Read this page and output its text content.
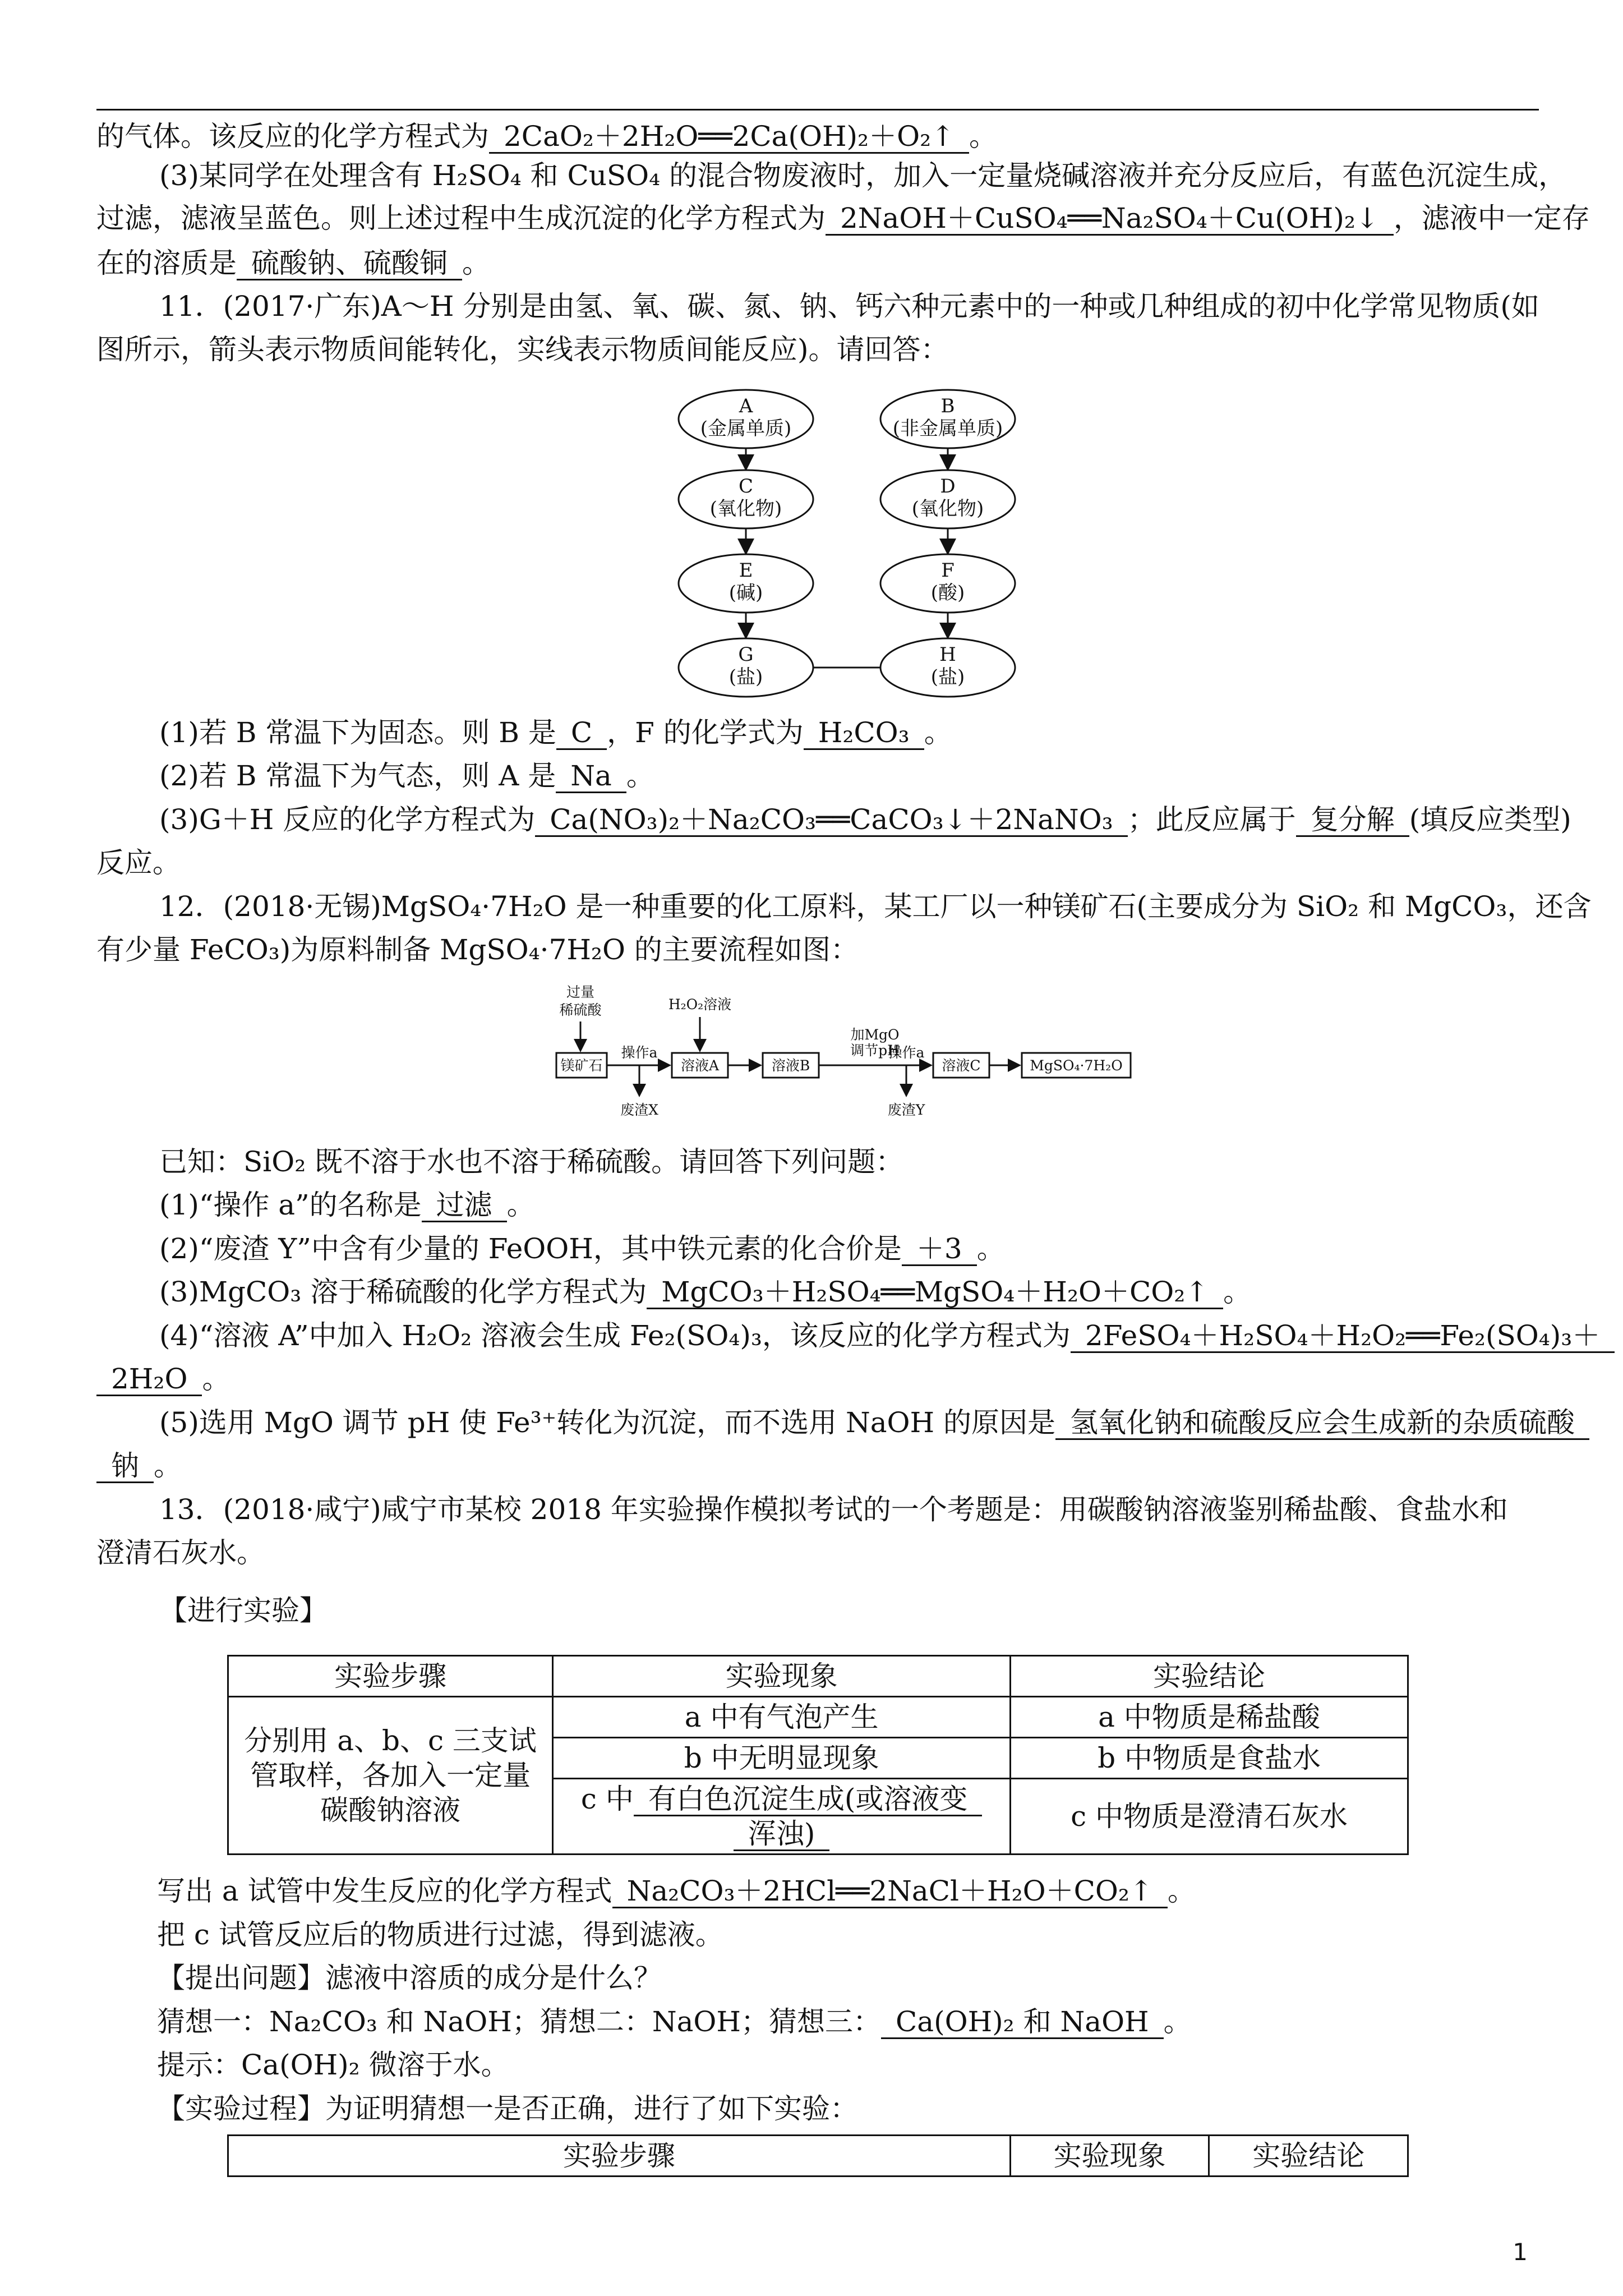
的气体。该反应的化学方程式为 2CaO₂＋2H₂O══2Ca(OH)₂＋O₂↑ 。
(3)某同学在处理含有 H₂SO₄ 和 CuSO₄ 的混合物废液时，加入一定量烧碱溶液并充分反应后，有蓝色沉淀生成，
过滤，滤液呈蓝色。则上述过程中生成沉淀的化学方程式为 2NaOH＋CuSO₄══Na₂SO₄＋Cu(OH)₂↓ ，滤液中一定存
在的溶质是 硫酸钠、硫酸铜 。
11．(2017·广东)A～H 分别是由氢、氧、碳、氮、钠、钙六种元素中的一种或几种组成的初中化学常见物质(如
图所示，箭头表示物质间能转化，实线表示物质间能反应)。请回答：
A
(金属单质)
B
(非金属单质)
C
(氧化物)
D
(氧化物)
E
(碱)
F
(酸)
G
(盐)
H
(盐)
(1)若 B 常温下为固态。则 B 是 C ，F 的化学式为 H₂CO₃ 。
(2)若 B 常温下为气态，则 A 是 Na 。
(3)G＋H 反应的化学方程式为 Ca(NO₃)₂＋Na₂CO₃══CaCO₃↓＋2NaNO₃ ；此反应属于 复分解 (填反应类型)
反应。
12．(2018·无锡)MgSO₄·7H₂O 是一种重要的化工原料，某工厂以一种镁矿石(主要成分为 SiO₂ 和 MgCO₃，还含
有少量 FeCO₃)为原料制备 MgSO₄·7H₂O 的主要流程如图：
过量
稀硫酸	H₂O₂溶液
加MgO
调节pH
镁矿石
操作a
溶液A	溶液B
操作a
溶液C	MgSO₄·7H₂O
废渣X	废渣Y
已知：SiO₂ 既不溶于水也不溶于稀硫酸。请回答下列问题：
(1)“操作 a”的名称是 过滤 。
(2)“废渣 Y”中含有少量的 FeOOH，其中铁元素的化合价是 ＋3 。
(3)MgCO₃ 溶于稀硫酸的化学方程式为 MgCO₃＋H₂SO₄══MgSO₄＋H₂O＋CO₂↑ 。
(4)“溶液 A”中加入 H₂O₂ 溶液会生成 Fe₂(SO₄)₃，该反应的化学方程式为 2FeSO₄＋H₂SO₄＋H₂O₂══Fe₂(SO₄)₃＋
2H₂O 。
(5)选用 MgO 调节 pH 使 Fe³⁺转化为沉淀，而不选用 NaOH 的原因是 氢氧化钠和硫酸反应会生成新的杂质硫酸
钠 。
13．(2018·咸宁)咸宁市某校 2018 年实验操作模拟考试的一个考题是：用碳酸钠溶液鉴别稀盐酸、食盐水和
澄清石灰水。
【进行实验】
实验步骤	实验现象	实验结论

分别用 a、b、c 三支试
管取样，各加入一定量
碳酸钠溶液	a 中有气泡产生	a 中物质是稀盐酸
	b 中无明显现象	b 中物质是食盐水

	c 中 有白色沉淀生成(或溶液变
浑浊)	c 中物质是澄清石灰水
写出 a 试管中发生反应的化学方程式 Na₂CO₃＋2HCl══2NaCl＋H₂O＋CO₂↑ 。
把 c 试管反应后的物质进行过滤，得到滤液。
【提出问题】滤液中溶质的成分是什么？
猜想一：Na₂CO₃ 和 NaOH；猜想二：NaOH；猜想三： Ca(OH)₂ 和 NaOH 。
提示：Ca(OH)₂ 微溶于水。
【实验过程】为证明猜想一是否正确，进行了如下实验：
实验步骤	实验现象	实验结论
1
